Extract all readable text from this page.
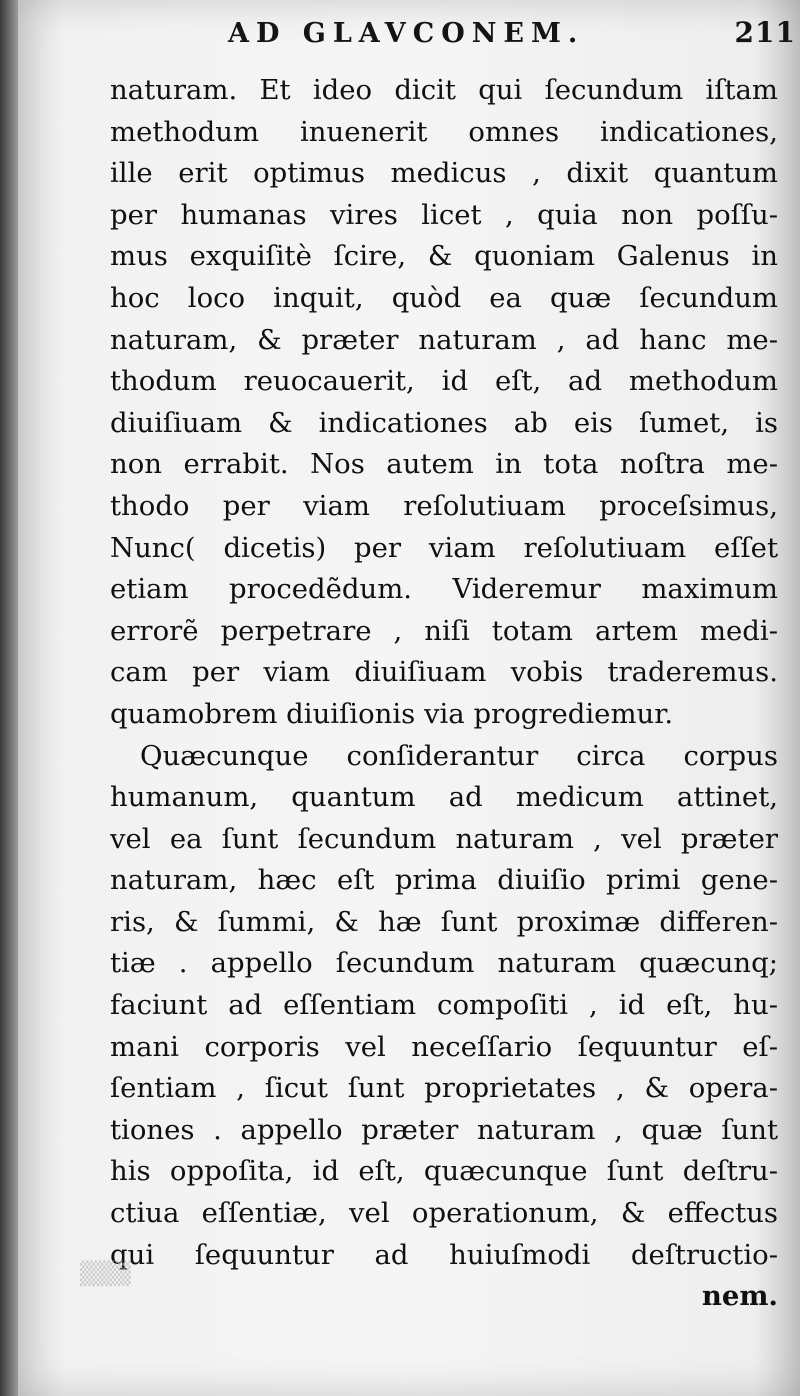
AD GLAVCONEM.	211
naturam. Et ideo dicit qui ſecundum iſtam
methodum inuenerit omnes indicationes,
ille erit optimus medicus , dixit quantum
per humanas vires licet , quia non poſſu-
mus exquiſitè ſcire, & quoniam Galenus in
hoc loco inquit, quòd ea quæ ſecundum
naturam, & præter naturam , ad hanc me-
thodum reuocauerit, id eſt, ad methodum
diuiſiuam & indicationes ab eis ſumet, is
non errabit. Nos autem in tota noſtra me-
thodo per viam reſolutiuam proceſsimus,
Nunc( dicetis) per viam reſolutiuam eſſet
etiam procedẽdum. Videremur maximum
errorẽ perpetrare , niſi totam artem medi-
cam per viam diuiſiuam vobis traderemus.
quamobrem diuiſionis via progrediemur.
Quæcunque conſiderantur circa corpus
humanum, quantum ad medicum attinet,
vel ea ſunt ſecundum naturam , vel præter
naturam, hæc eſt prima diuiſio primi gene-
ris, & ſummi, & hæ ſunt proximæ differen-
tiæ . appello ſecundum naturam quæcunq;
faciunt ad eſſentiam compoſiti , id eſt, hu-
mani corporis vel neceſſario ſequuntur eſ-
ſentiam , ſicut ſunt proprietates , & opera-
tiones . appello præter naturam , quæ ſunt
his oppoſita, id eſt, quæcunque ſunt deſtru-
ctiua eſſentiæ, vel operationum, & effectus
qui ſequuntur ad huiuſmodi deſtructio-
nem.
▒▒▒
